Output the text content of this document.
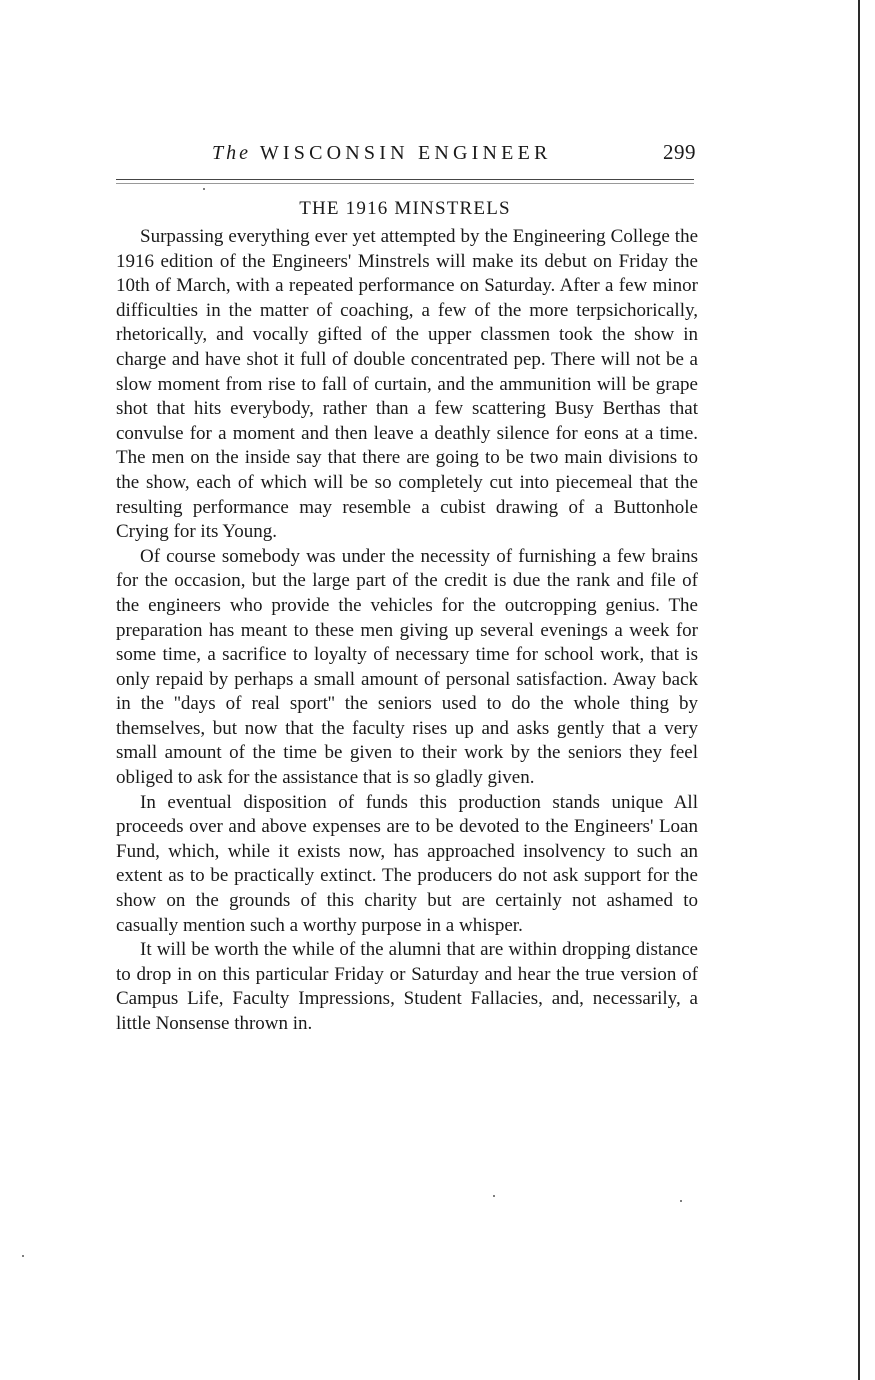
The WISCONSIN ENGINEER	299
THE 1916 MINSTRELS

Surpassing everything ever yet attempted by the Engineering College the 1916 edition of the Engineers' Minstrels will make its debut on Friday the 10th of March, with a repeated performance on Saturday. After a few minor difficulties in the matter of coaching, a few of the more terpsichorically, rhetorically, and vocally gifted of the upper classmen took the show in charge and have shot it full of double concentrated pep. There will not be a slow moment from rise to fall of curtain, and the ammunition will be grape shot that hits everybody, rather than a few scattering Busy Berthas that convulse for a moment and then leave a deathly silence for eons at a time. The men on the inside say that there are going to be two main divisions to the show, each of which will be so completely cut into piecemeal that the resulting performance may resemble a cubist drawing of a Buttonhole Crying for its Young.

Of course somebody was under the necessity of furnishing a few brains for the occasion, but the large part of the credit is due the rank and file of the engineers who provide the vehicles for the outcropping genius. The preparation has meant to these men giving up several evenings a week for some time, a sacrifice to loyalty of necessary time for school work, that is only repaid by perhaps a small amount of personal satisfaction. Away back in the ''days of real sport'' the seniors used to do the whole thing by themselves, but now that the faculty rises up and asks gently that a very small amount of the time be given to their work by the seniors they feel obliged to ask for the assistance that is so gladly given.

In eventual disposition of funds this production stands unique All proceeds over and above expenses are to be devoted to the Engineers' Loan Fund, which, while it exists now, has approached insolvency to such an extent as to be practically extinct. The producers do not ask support for the show on the grounds of this charity but are certainly not ashamed to casually mention such a worthy purpose in a whisper.

It will be worth the while of the alumni that are within dropping distance to drop in on this particular Friday or Saturday and hear the true version of Campus Life, Faculty Impressions, Student Fallacies, and, necessarily, a little Nonsense thrown in.
